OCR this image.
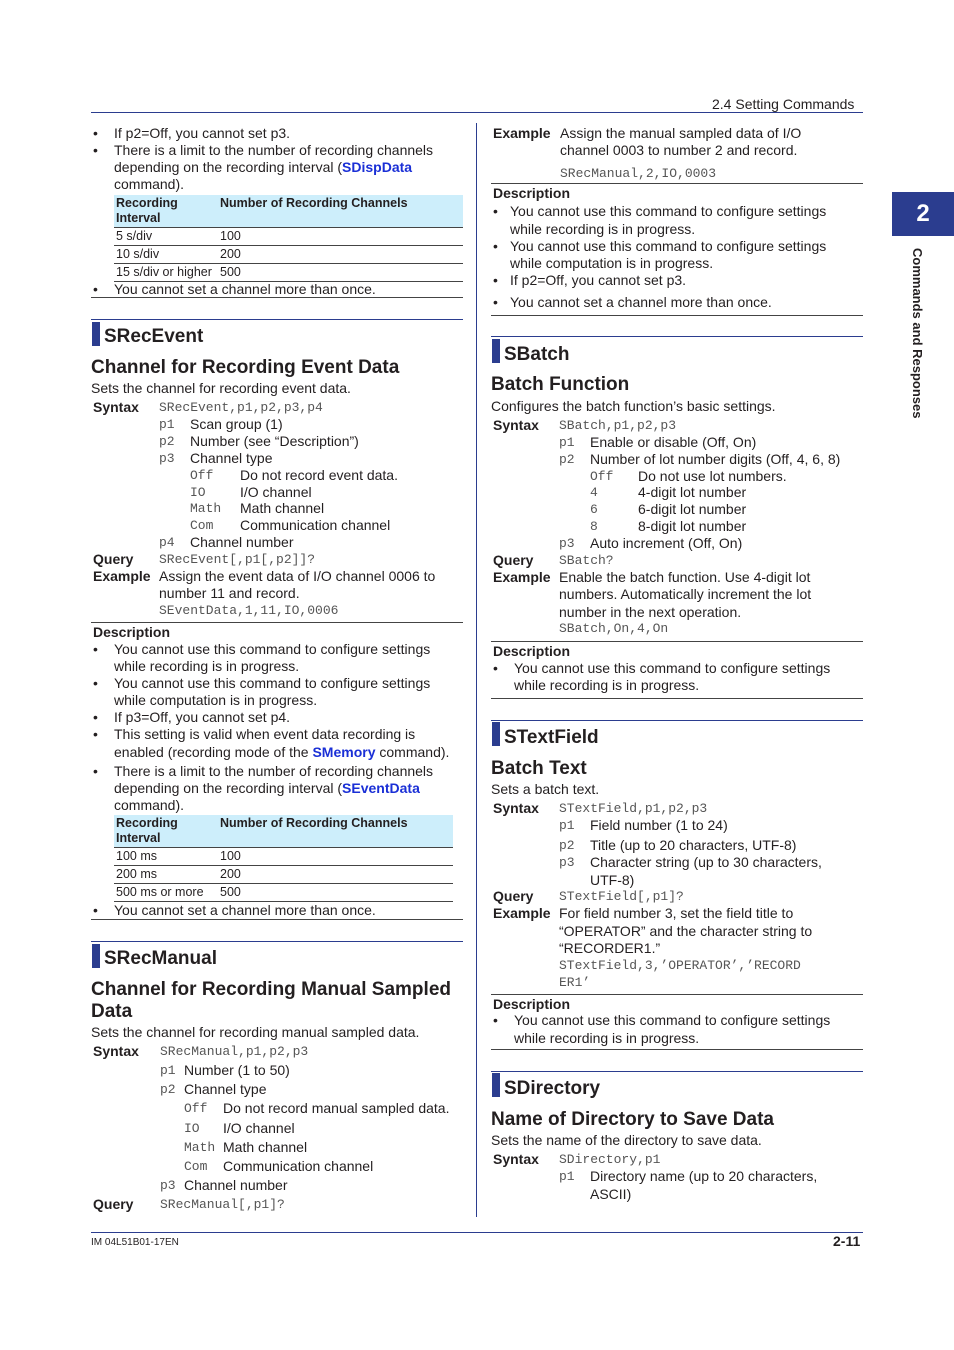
2.4 Setting Commands
2
Commands and Responses
• If p2=Off, you cannot set p3.
• There is a limit to the number of recording channels
depending on the recording interval (SDispData
command).
Recording Interval	Number of Recording Channels
5 s/div	100
10 s/div	200
15 s/div or higher	500
• You cannot set a channel more than once.
SRecEvent
Channel for Recording Event Data
Sets the channel for recording event data.
Syntax SRecEvent,p1,p2,p3,p4
p1 Scan group (1)
p2 Number (see “Description”)
p3 Channel type
Off Do not record event data.
IO I/O channel
Math Math channel
Com Communication channel
p4 Channel number
Query SRecEvent[,p1[,p2]]?
Example Assign the event data of I/O channel 0006 to
number 11 and record.
SEventData,1,11,IO,0006
Description
• You cannot use this command to configure settings
while recording is in progress.
• You cannot use this command to configure settings
while computation is in progress.
• If p3=Off, you cannot set p4.
• This setting is valid when event data recording is
enabled (recording mode of the SMemory command).
• There is a limit to the number of recording channels
depending on the recording interval (SEventData
command).
Recording Interval	Number of Recording Channels
100 ms	100
200 ms	200
500 ms or more	500
• You cannot set a channel more than once.
SRecManual
Channel for Recording Manual Sampled
Data
Sets the channel for recording manual sampled data.
Syntax SRecManual,p1,p2,p3
p1 Number (1 to 50)
p2 Channel type
Off Do not record manual sampled data.
IO I/O channel
Math Math channel
Com Communication channel
p3 Channel number
Query SRecManual[,p1]?
Example Assign the manual sampled data of I/O
channel 0003 to number 2 and record.
SRecManual,2,IO,0003
Description
• You cannot use this command to configure settings
while recording is in progress.
• You cannot use this command to configure settings
while computation is in progress.
• If p2=Off, you cannot set p3.
• You cannot set a channel more than once.
SBatch
Batch Function
Configures the batch function’s basic settings.
Syntax SBatch,p1,p2,p3
p1 Enable or disable (Off, On)
p2 Number of lot number digits (Off, 4, 6, 8)
Off Do not use lot numbers.
4	4-digit lot number
6	6-digit lot number
8	8-digit lot number
p3 Auto increment (Off, On)
Query SBatch?
Example Enable the batch function. Use 4-digit lot
numbers. Automatically increment the lot
number in the next operation.
SBatch,On,4,On
Description
• You cannot use this command to configure settings
while recording is in progress.
STextField
Batch Text
Sets a batch text.
Syntax STextField,p1,p2,p3
p1 Field number (1 to 24)
p2 Title (up to 20 characters, UTF-8)
p3 Character string (up to 30 characters,
UTF-8)
Query STextField[,p1]?
Example For field number 3, set the field title to
“OPERATOR” and the character string to
“RECORDER1.”
STextField,3,’OPERATOR’,’RECORD
ER1’
Description
• You cannot use this command to configure settings
while recording is in progress.
SDirectory
Name of Directory to Save Data
Sets the name of the directory to save data.
Syntax SDirectory,p1
p1 Directory name (up to 20 characters,
ASCII)
IM 04L51B01-17EN	2-11
